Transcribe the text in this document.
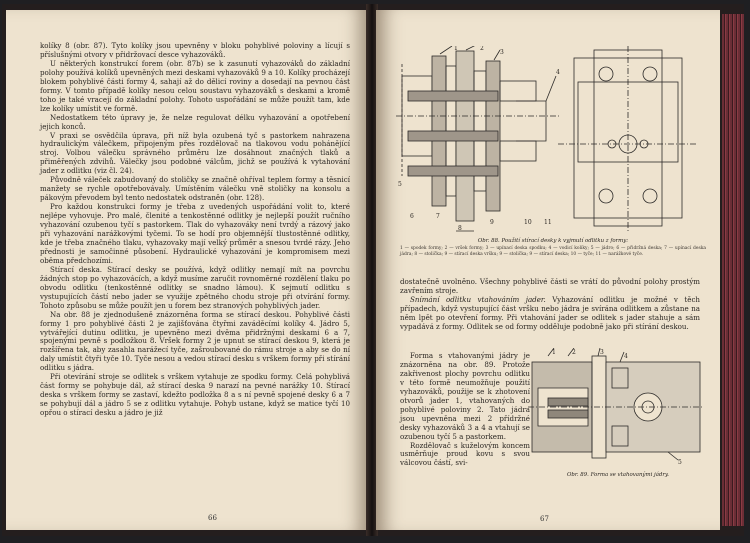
kolíky 8 (obr. 87). Tyto kolíky jsou upevněny v bloku pohyblivé poloviny a lícují s příslušnými otvory v přidržovací desce vyhazováků.

U některých konstrukcí forem (obr. 87b) se k zasunutí vyhazováků do základní polohy používá kolíků upevněných mezi deskami vyhazováků 9 a 10. Kolíky procházejí blokem pohyblivé části formy 4, sahají až do dělicí roviny a dosedají na pevnou část formy. V tomto případě kolíky nesou celou soustavu vyhazováků s deskami a kromě toho je také vracejí do základní polohy. Tohoto uspořádání se může použít tam, kde lze kolíky umístit ve formě.

Nedostatkem této úpravy je, že nelze regulovat délku vyhazování a opotřebení jejich konců.

V praxi se osvědčila úprava, při níž byla ozubená tyč s pastorkem nahrazena hydraulickým válečkem, připojeným přes rozdělovač na tlakovou vodu pohánějící stroj. Volbou válečku správného průměru lze dosáhnout značných tlaků a přiměřených zdvihů. Válečky jsou podobné válcům, jichž se používá k vytahování jader z odlitku (viz čl. 24).

Původně váleček zabudovaný do stoličky se značně ohříval teplem formy a těsnicí manžety se rychle opotřebovávaly. Umístěním válečku vně stoličky na konsolu a pákovým převodem byl tento nedostatek odstraněn (obr. 128).

Pro každou konstrukci formy je třeba z uvedených uspořádání volit to, které nejlépe vyhovuje. Pro malé, členité a tenkostěnné odlitky je nejlepší použít ručního vyhazování ozubenou tyčí s pastorkem. Tlak do vyhazováky není tvrdý a rázový jako při vyhazování narážkovými tyčemi. To se hodí pro objemnější tlustostěnné odlitky, kde je třeba značného tlaku, vyhazovaky mají velký průměr a snesou tvrdé rázy. Jeho přednosti je samočinné působení. Hydraulické vyhazování je kompromisem mezi oběma předchozími.

Stírací deska. Stírací desky se používá, když odlitky nemají mít na povrchu žádných stop po vyhazovácích, a když musíme zaručit rovnoměrné rozdělení tlaku po obvodu odlitku (tenkostěnné odlitky se snadno lámou). K sejmutí odlitku s vystupujících částí nebo jader se využije zpětného chodu stroje při otvírání formy. Tohoto způsobu se může použít jen u forem bez stranových pohyblivých jader.

Na obr. 88 je zjednodušeně znázorněna forma se stírací deskou. Pohyblivé části formy 1 pro pohyblivé části 2 je zajišťována čtyřmi zaváděcími kolíky 4. Jádro 5, vytvářející dutinu odlitku, je upevněno mezi dvěma přidržnými deskami 6 a 7, spojenými pevně s podložkou 8. Vršek formy 2 je upnut se stírací deskou 9, která je rozšířena tak, aby zasahla narážecí tyče, zašroubované do rámu stroje a aby se do ní daly umístit čtyři tyče 10. Tyče nesou a vedou stírací desku s vrškem formy při stírání odlitku s jádra.

Při otevírání stroje se odlitek s vrškem vytahuje ze spodku formy. Celá pohyblivá část formy se pohybuje dál, až stírací deska 9 narazí na pevné narážky 10. Stírací deska s vrškem formy se zastaví, kdežto podložka 8 a s ní pevně spojené desky 6 a 7 se pohybují dál a jádro 5 se z odlitku vytahuje. Pohyb ustane, když se matice tyčí 10 opřou o stírací desku a jádro je již

66
1	2
3
4
5
6	7
8
9	10 11
Obr. 88. Použití stírací desky k vyjmutí odlitku z formy:
1 — spodek formy; 2 — vršek formy; 3 — upínací deska spodku; 4 — vodicí kolíky; 5 — jádro; 6 — přidržná deska; 7 — upínací deska jádra; 8 — stolička; 9 — stírací deska vršku; 9 — stolička; 9 — stírací deska; 10 — tyče; 11 — narážkové tyče.

dostatečně uvolněno. Všechny pohyblivé části se vrátí do původní polohy prostým zavřením stroje.

Snímání odlitku vtahováním jader. Vyhazování odlitku je možné v těch případech, když vystupující část vršku nebo jádra je svírána odlitkem a zůstane na něm lpět po otevření formy. Při vtahování jader se odlitek s jader stahuje a sám vypadává z formy. Odlitek se od formy odděluje podobně jako při stírání deskou.

Forma s vtahovanými jádry je znázorněna na obr. 89. Protože zakřivenost plochy povrchu odlitku v této formě neumožňuje použití vyhazováků, použije se k zhotovení otvorů jader 1, vtahovaných do pohyblivé poloviny 2. Tato jádra jsou upevněna mezi 2 přídržné desky vyhazováků 3 a 4 a vtahují se ozubenou tyčí 5 a pastorkem.

Rozdělovač s kuželovým koncem usměrňuje proud kovu s svou válcovou částí, svi-

1	2	3
4
5
Obr. 89. Forma se vtahovanými jádry.
67
